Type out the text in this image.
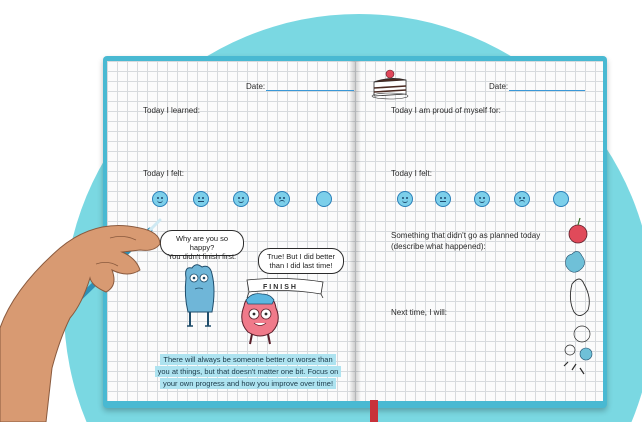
Date:
Today I learned:
Today I felt:
Why are you so happy?
You didn't finish first.	True! But I did better
than I did last time!
FINISH
There will always be someone better or worse than
you at things, but that doesn't matter one bit. Focus on
your own progress and how you improve over time!
Date:
Today I am proud of myself for:
Today I felt:
Something that didn't go as planned today
(describe what happened):
Next time, I will:
